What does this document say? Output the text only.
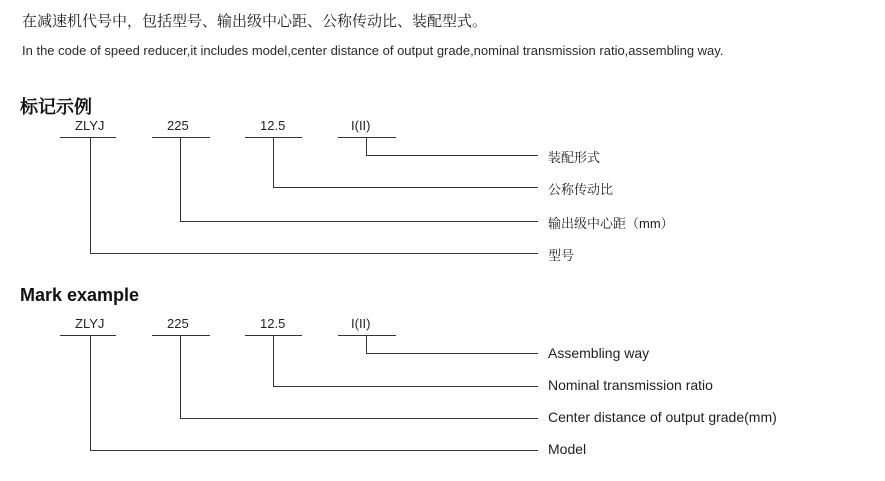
在减速机代号中，包括型号、输出级中心距、公称传动比、装配型式。
In the code of speed reducer,it includes model,center distance of output grade,nominal transmission ratio,assembling way.
标记示例
ZLYJ	225	12.5	I(II)
装配形式
公称传动比
输出级中心距（mm）
型号
Mark example
ZLYJ	225	12.5	I(II)
Assembling way
Nominal transmission ratio
Center distance of output grade(mm)
Model
